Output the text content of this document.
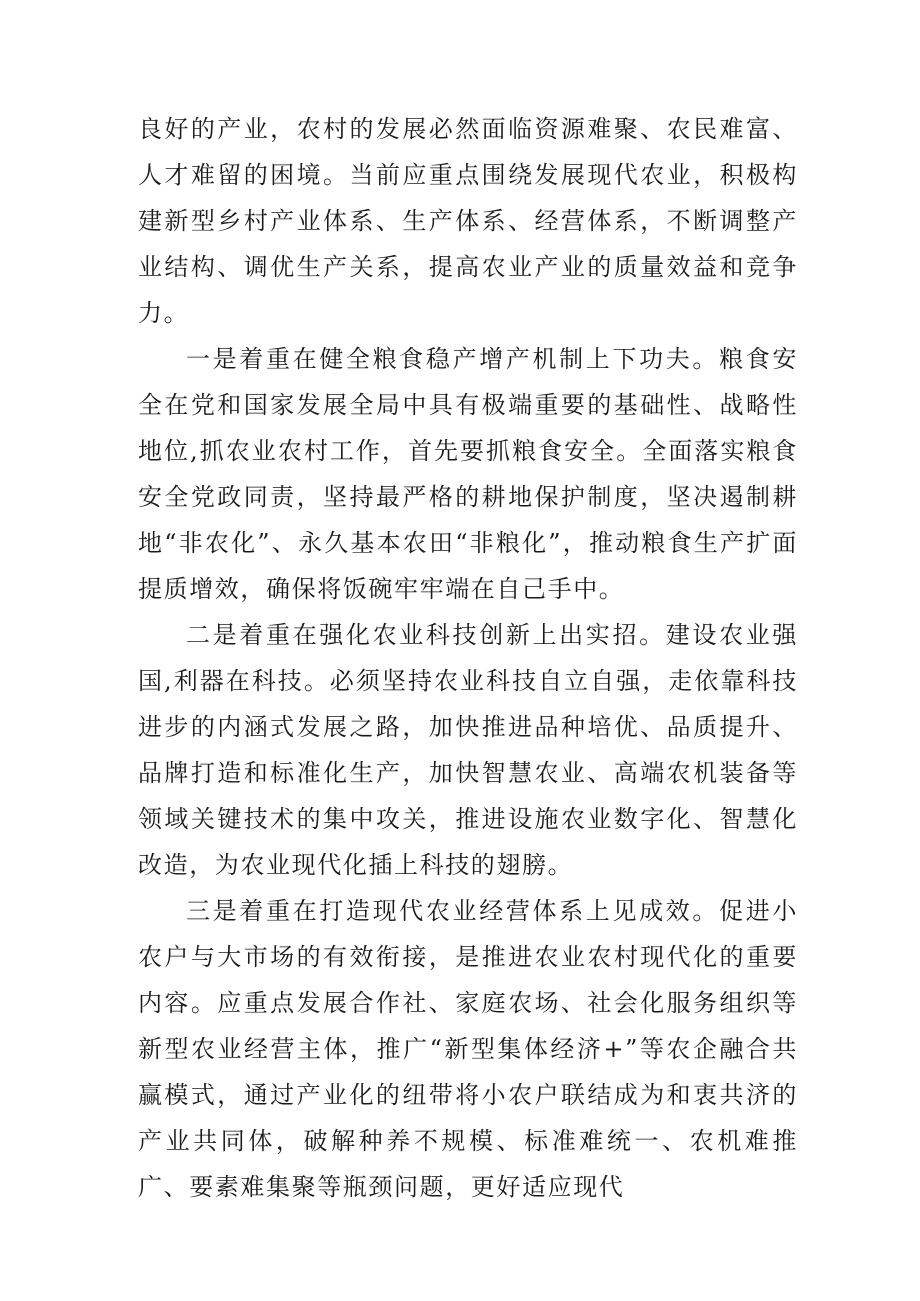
良好的产业，农村的发展必然面临资源难聚、农民难富、人才难留的困境。当前应重点围绕发展现代农业，积极构建新型乡村产业体系、生产体系、经营体系，不断调整产业结构、调优生产关系，提高农业产业的质量效益和竞争力。

一是着重在健全粮食稳产增产机制上下功夫。粮食安全在党和国家发展全局中具有极端重要的基础性、战略性地位,抓农业农村工作，首先要抓粮食安全。全面落实粮食安全党政同责，坚持最严格的耕地保护制度，坚决遏制耕地“非农化”、永久基本农田“非粮化”，推动粮食生产扩面提质增效，确保将饭碗牢牢端在自己手中。

二是着重在强化农业科技创新上出实招。建设农业强国,利器在科技。必须坚持农业科技自立自强，走依靠科技进步的内涵式发展之路，加快推进品种培优、品质提升、品牌打造和标准化生产，加快智慧农业、高端农机装备等领域关键技术的集中攻关，推进设施农业数字化、智慧化改造，为农业现代化插上科技的翅膀。

三是着重在打造现代农业经营体系上见成效。促进小农户与大市场的有效衔接，是推进农业农村现代化的重要内容。应重点发展合作社、家庭农场、社会化服务组织等新型农业经营主体，推广“新型集体经济+”等农企融合共赢模式，通过产业化的纽带将小农户联结成为和衷共济的产业共同体，破解种养不规模、标准难统一、农机难推广、要素难集聚等瓶颈问题，更好适应现代
